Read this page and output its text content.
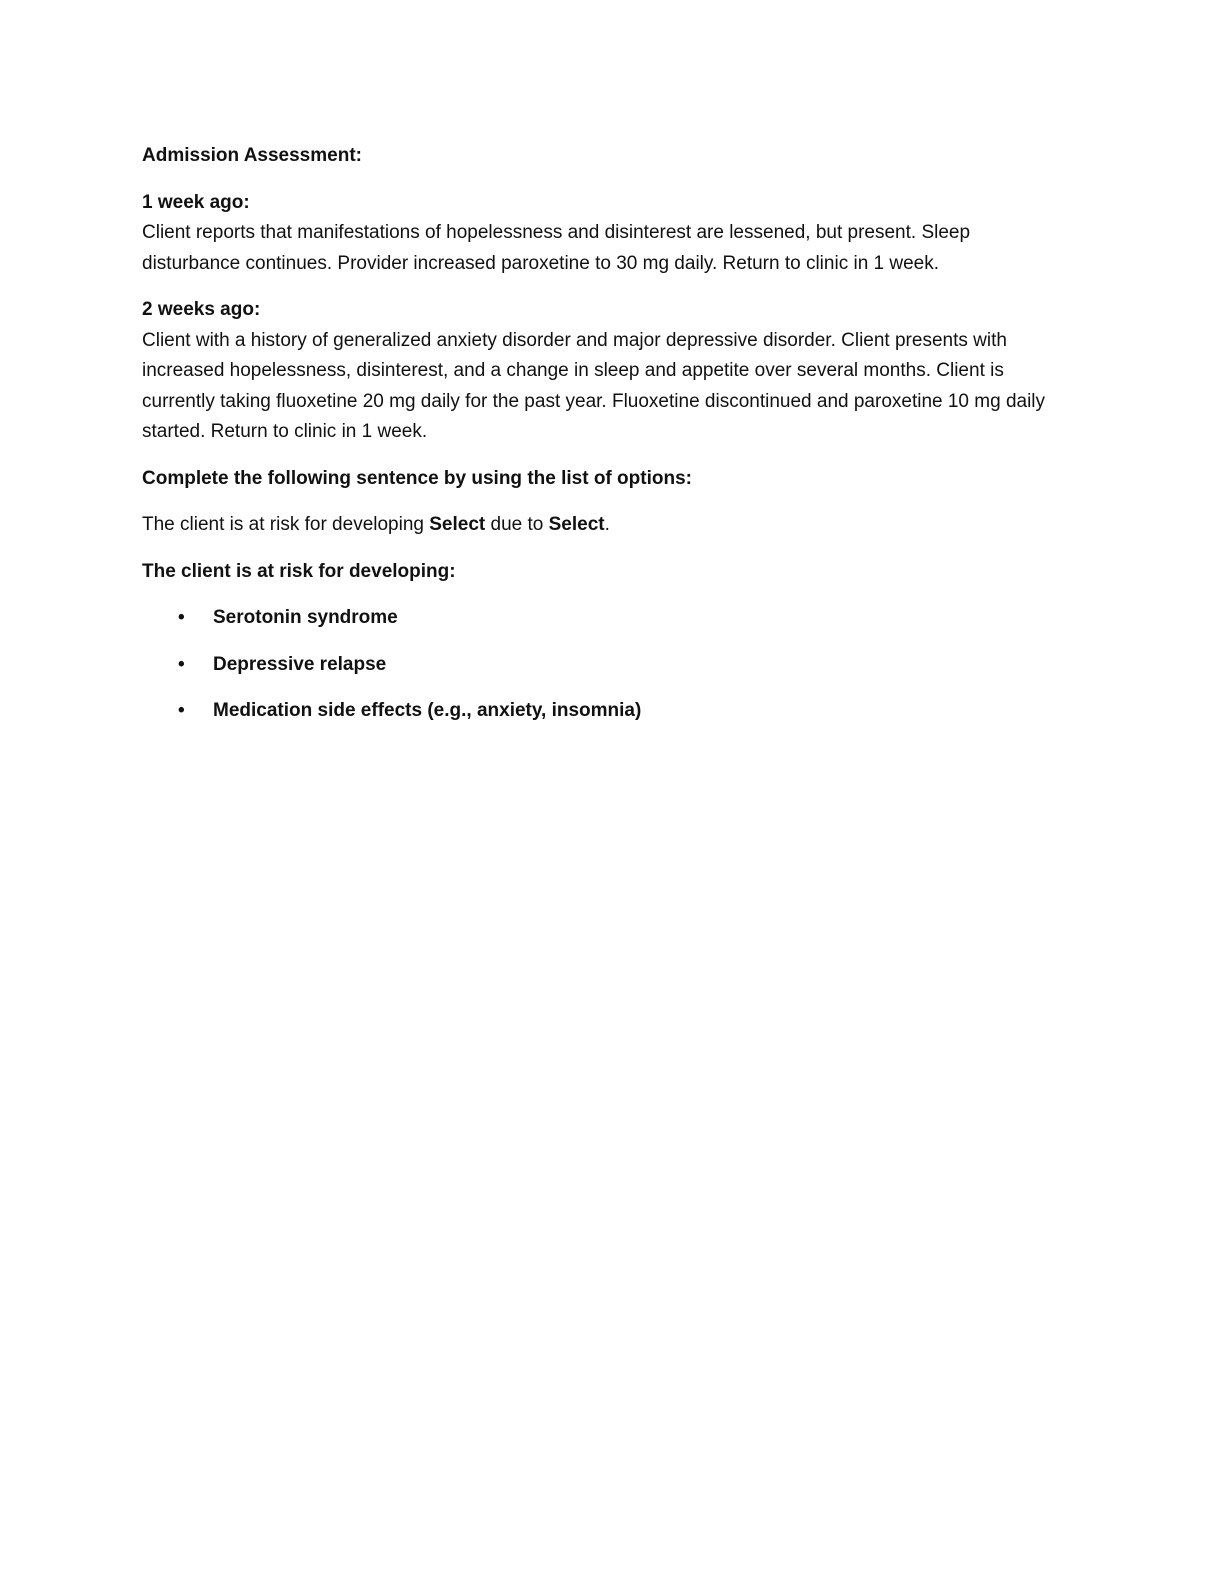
Admission Assessment:

1 week ago:

Client reports that manifestations of hopelessness and disinterest are lessened, but present. Sleep disturbance continues. Provider increased paroxetine to 30 mg daily. Return to clinic in 1 week.

2 weeks ago:

Client with a history of generalized anxiety disorder and major depressive disorder. Client presents with increased hopelessness, disinterest, and a change in sleep and appetite over several months. Client is currently taking fluoxetine 20 mg daily for the past year. Fluoxetine discontinued and paroxetine 10 mg daily started. Return to clinic in 1 week.

Complete the following sentence by using the list of options:

The client is at risk for developing Select due to Select.

The client is at risk for developing:

• Serotonin syndrome
• Depressive relapse
• Medication side effects (e.g., anxiety, insomnia)
